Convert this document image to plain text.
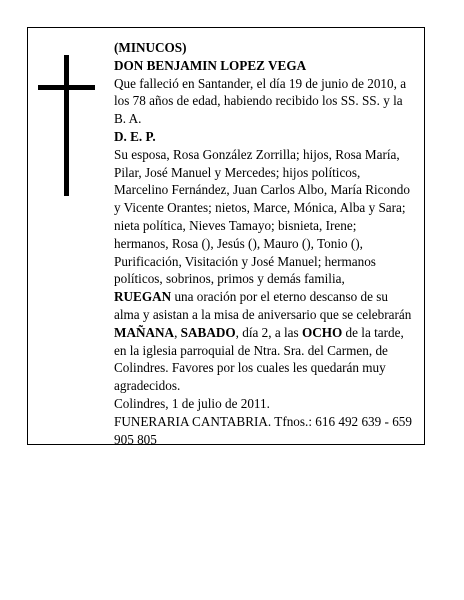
(MINUCOS)

DON BENJAMIN LOPEZ VEGA

Que falleció en Santander, el día 19 de junio de 2010, a los 78 años de edad, habiendo recibido los SS. SS. y la B. A.

D. E. P.

Su esposa, Rosa González Zorrilla; hijos, Rosa María, Pilar, José Manuel y Mercedes; hijos políticos, Marcelino Fernández, Juan Carlos Albo, María Ricondo y Vicente Orantes; nietos, Marce, Mónica, Alba y Sara; nieta política, Nieves Tamayo; bisnieta, Irene; hermanos, Rosa (), Jesús (), Mauro (), Tonio (), Purificación, Visitación y José Manuel; hermanos políticos, sobrinos, primos y demás familia,

RUEGAN una oración por el eterno descanso de su alma y asistan a la misa de aniversario que se celebrarán MAÑANA, SABADO, día 2, a las OCHO de la tarde, en la iglesia parroquial de Ntra. Sra. del Carmen, de Colindres. Favores por los cuales les quedarán muy agradecidos.

Colindres, 1 de julio de 2011.

FUNERARIA CANTABRIA. Tfnos.: 616 492 639 - 659 905 805
